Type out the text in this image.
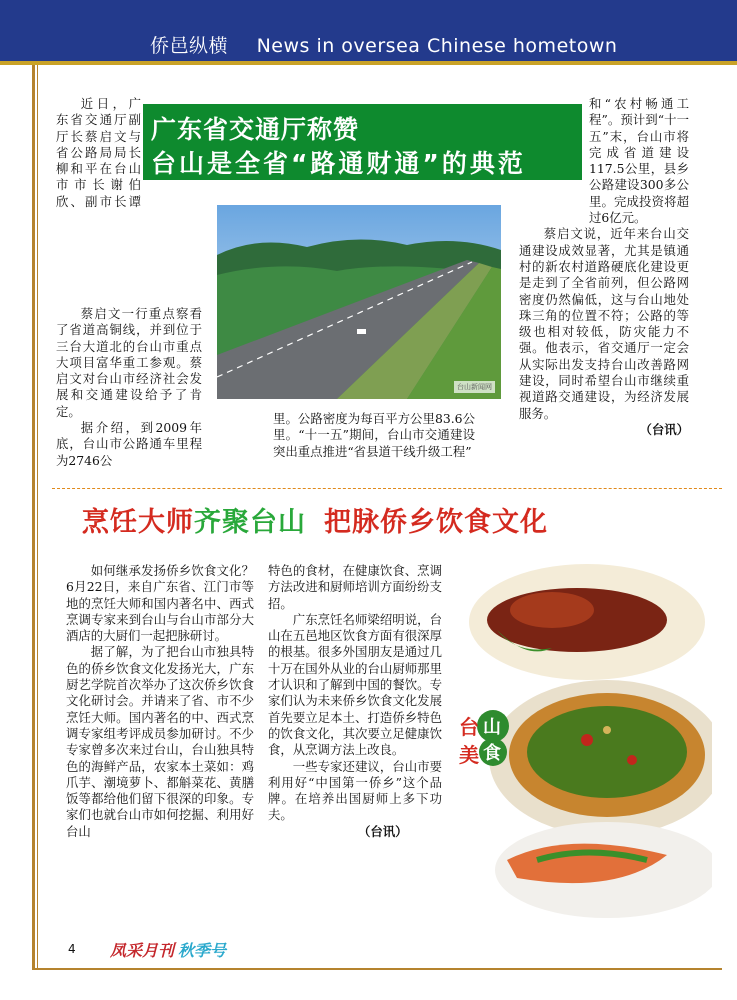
侨邑纵横 News in oversea Chinese hometown
广东省交通厅称赞
台山是全省“路通财通”的典范

近日，广东省交通厅副厅长蔡启文与省公路局局长柳和平在台山市市长谢伯欣、副市长谭

蔡启文一行重点察看了省道高铜线，并到位于三台大道北的台山市重点大项目富华重工参观。蔡启文对台山市经济社会发展和交通建设给予了肯定。

据介绍，到2009年底，台山市公路通车里程为2746公

台山新闻网

里。公路密度为每百平方公里83.6公里。“十一五”期间，台山市交通建设突出重点推进“省县道干线升级工程”

和“农村畅通工程”。预计到“十一五”末，台山市将完成省道建设117.5公里，县乡公路建设300多公里。完成投资将超过6亿元。

蔡启文说，近年来台山交通建设成效显著，尤其是镇通村的新农村道路硬底化建设更是走到了全省前列，但公路网密度仍然偏低，这与台山地处珠三角的位置不符；公路的等级也相对较低，防灾能力不强。他表示，省交通厅一定会从实际出发支持台山改善路网建设，同时希望台山市继续重视道路交通建设，为经济发展服务。

（台讯）
烹饪大师齐聚台山 把脉侨乡饮食文化

如何继承发扬侨乡饮食文化？6月22日，来自广东省、江门市等地的烹饪大师和国内著名中、西式烹调专家来到台山与台山市部分大酒店的大厨们一起把脉研讨。

据了解，为了把台山市独具特色的侨乡饮食文化发扬光大，广东厨艺学院首次举办了这次侨乡饮食文化研讨会。并请来了省、市不少烹饪大师。国内著名的中、西式烹调专家组考评成员参加研讨。不少专家曾多次来过台山，台山独具特色的海鲜产品，农家本土菜如：鸡爪芋、潮境萝卜、都斛菜花、黄膳饭等都给他们留下很深的印象。专家们也就台山市如何挖掘、利用好台山

特色的食材，在健康饮食、烹调方法改进和厨师培训方面纷纷支招。

广东烹饪名师梁绍明说，台山在五邑地区饮食方面有很深厚的根基。很多外国朋友是通过几十万在国外从业的台山厨师那里才认识和了解到中国的餐饮。专家们认为未来侨乡饮食文化发展首先要立足本土、打造侨乡特色的饮食文化，其次要立足健康饮食，从烹调方法上改良。

一些专家还建议，台山市要利用好“中国第一侨乡”这个品牌。在培养出国厨师上多下功夫。

（台讯）
台 山
美 食
4 凤采月刊 秋季号
